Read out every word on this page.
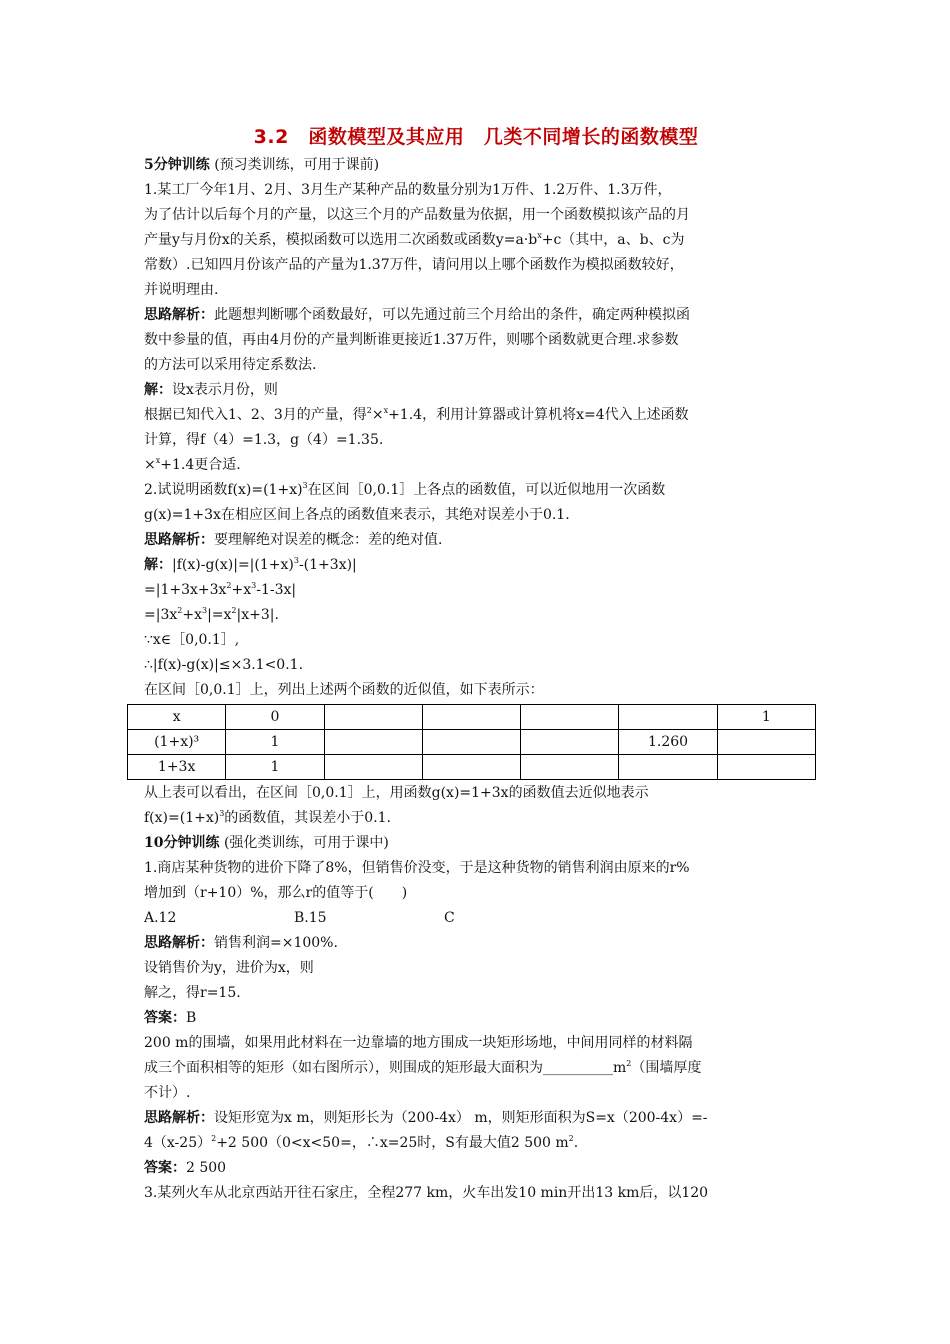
3.2　函数模型及其应用　几类不同增长的函数模型

5分钟训练 (预习类训练，可用于课前)

1.某工厂今年1月、2月、3月生产某种产品的数量分别为1万件、1.2万件、1.3万件，

为了估计以后每个月的产量，以这三个月的产品数量为依据，用一个函数模拟该产品的月

产量y与月份x的关系，模拟函数可以选用二次函数或函数$y=a\cdot b^x+c$（其中，a、b、c为

常数）.已知四月份该产品的产量为1.37万件，请问用以上哪个函数作为模拟函数较好，

并说明理由.

思路解析：此题想判断哪个函数最好，可以先通过前三个月给出的条件，确定两种模拟函

数中参量的值，再由4月份的产量判断谁更接近1.37万件，则哪个函数就更合理.求参数

的方法可以采用待定系数法.

解：设x表示月份，则

根据已知代入1、2、3月的产量，得$^2$×$^x$+1.4，利用计算器或计算机将x=4代入上述函数

计算，得f（4）=1.3，g（4）=1.35.

×$^x$+1.4更合适.

2.试说明函数$f(x)=(1+x)^3$在区间［0,0.1］上各点的函数值，可以近似地用一次函数

g(x)=1+3x在相应区间上各点的函数值来表示，其绝对误差小于0.1.

思路解析：要理解绝对误差的概念：差的绝对值.

解：$|f(x)-g(x)|=|(1+x)^3-(1+3x)|$

$=|1+3x+3x^2+x^3-1-3x|$

$=|3x^2+x^3|=x^2|x+3|$.

∵x∈［0,0.1］,

∴|f(x)-g(x)|≤×3.1<0.1.

在区间［0,0.1］上，列出上述两个函数的近似值，如下表所示：

x	0					1
(1+x)³	1				1.260	
1+3x	1					

从上表可以看出，在区间［0,0.1］上，用函数g(x)=1+3x的函数值去近似地表示

$f(x)=(1+x)^3$的函数值，其误差小于0.1.

10分钟训练 (强化类训练，可用于课中)

1.商店某种货物的进价下降了8%，但销售价没变，于是这种货物的销售利润由原来的r%

增加到（r+10）%，那么r的值等于(　　)

A.12	B.15	C

思路解析：销售利润=×100%.

设销售价为y，进价为x，则

解之，得r=15.

答案：B

200 m的围墙，如果用此材料在一边靠墙的地方围成一块矩形场地，中间用同样的材料隔

成三个面积相等的矩形（如右图所示），则围成的矩形最大面积为$\_\_\_\_\_\_\_\_\_\_m^2$（围墙厚度

不计）.

思路解析：设矩形宽为x m，则矩形长为（200-4x） m，则矩形面积为S=x（200-4x）=-

$4(x-25)^2+2$ 500（0<x<50=，∴x=25时，S有最大值2 500 $m^2$.

答案：2 500

3.某列火车从北京西站开往石家庄，全程277 km，火车出发10 min开出13 km后，以120
